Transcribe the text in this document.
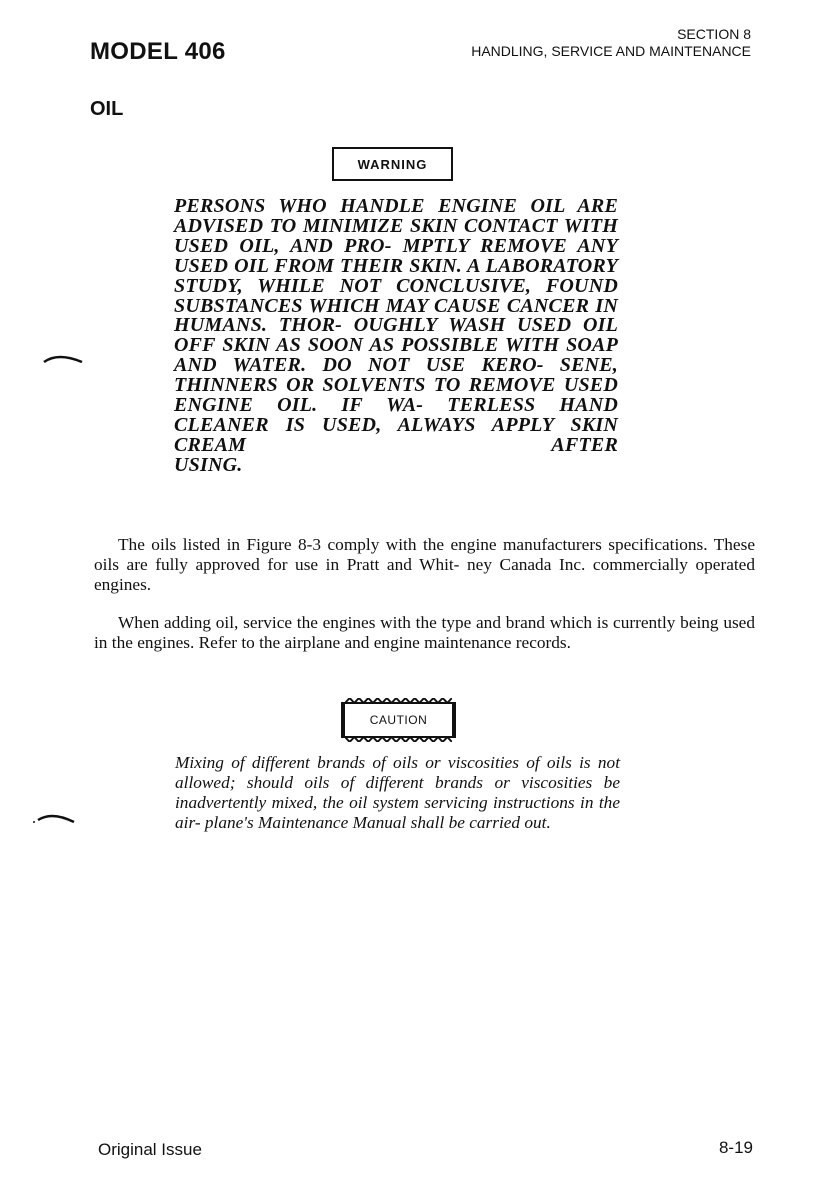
MODEL 406
SECTION 8
HANDLING, SERVICE AND MAINTENANCE
OIL
WARNING

PERSONS WHO HANDLE ENGINE OIL ARE ADVISED TO MINIMIZE SKIN CONTACT WITH USED OIL, AND PRO- MPTLY REMOVE ANY USED OIL FROM THEIR SKIN. A LABORATORY STUDY, WHILE NOT CONCLUSIVE, FOUND SUBSTANCES WHICH MAY CAUSE CANCER IN HUMANS. THOR- OUGHLY WASH USED OIL OFF SKIN AS SOON AS POSSIBLE WITH SOAP AND WATER. DO NOT USE KERO- SENE, THINNERS OR SOLVENTS TO REMOVE USED ENGINE OIL. IF WA- TERLESS HAND CLEANER IS USED, ALWAYS APPLY SKIN CREAM AFTER
USING.

The oils listed in Figure 8-3 comply with the engine manufacturers specifications. These oils are fully approved for use in Pratt and Whit- ney Canada Inc. commercially operated engines.

When adding oil, service the engines with the type and brand which is currently being used in the engines. Refer to the airplane and engine maintenance records.

CAUTION

Mixing of different brands of oils or viscosities of oils is not allowed; should oils of different brands or viscosities be inadvertently mixed, the oil system servicing instructions in the air- plane's Maintenance Manual shall be carried out.

Original Issue	8-19
